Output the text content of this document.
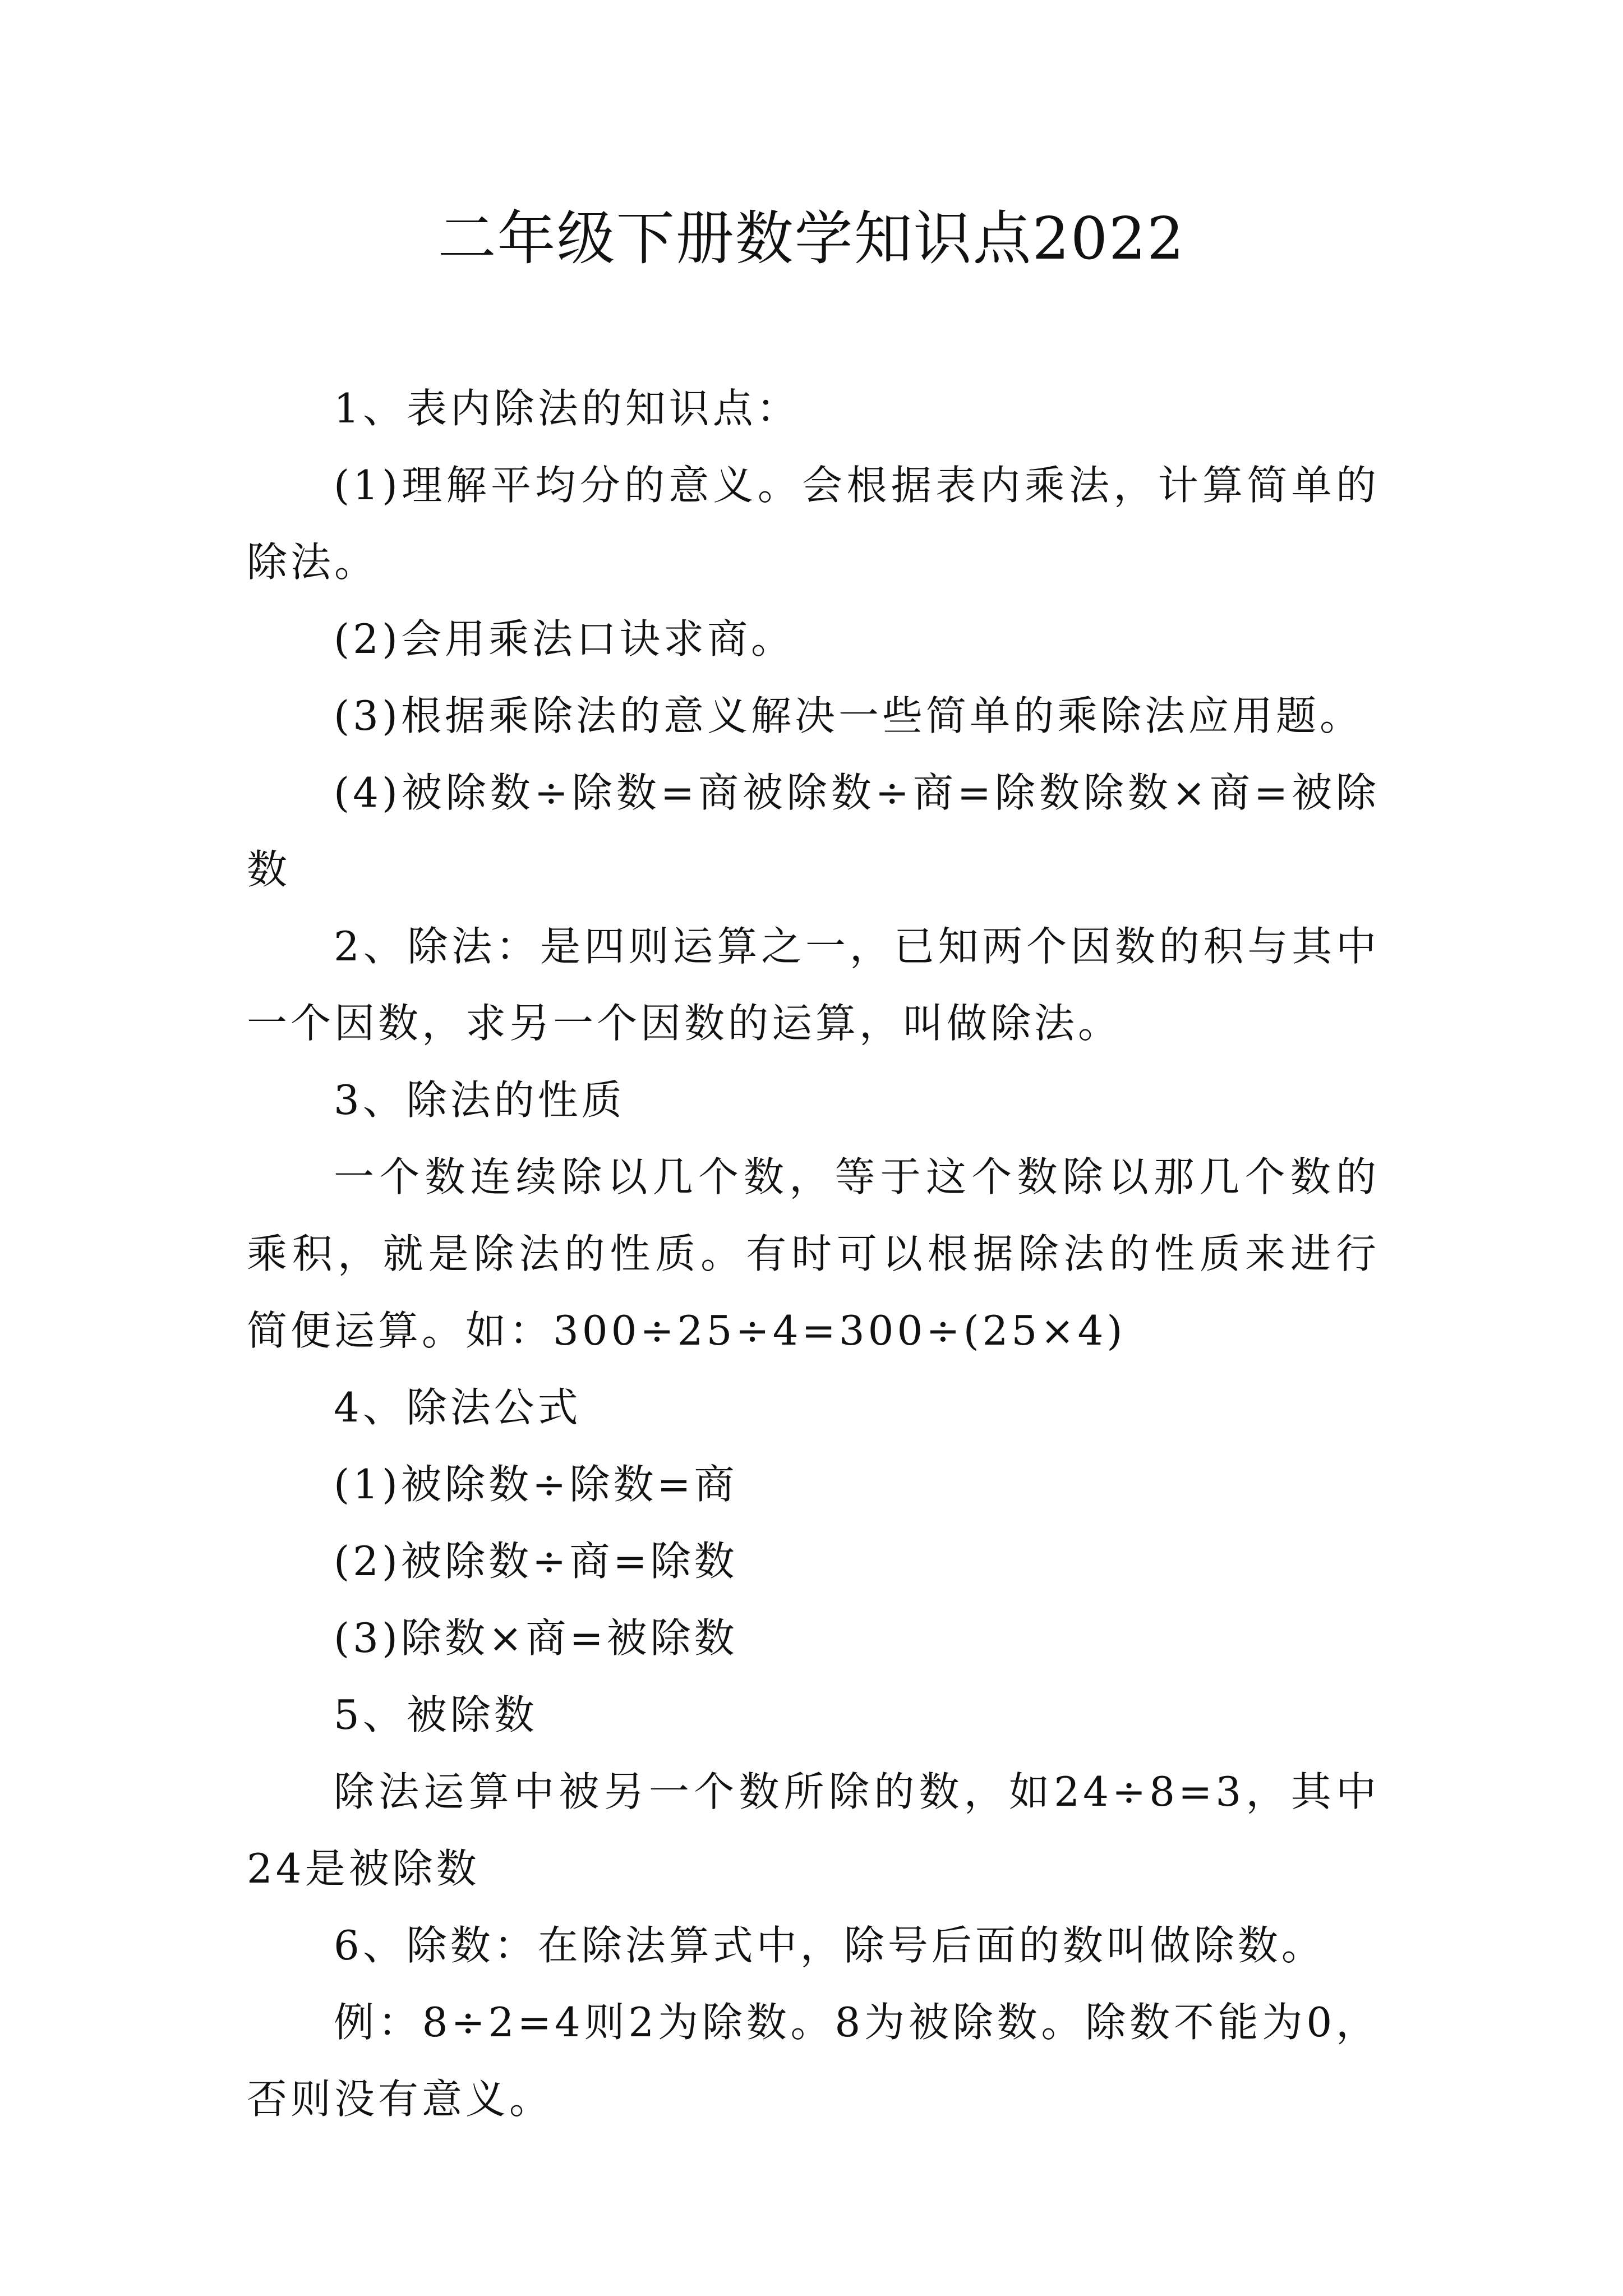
二年级下册数学知识点2022

1、表内除法的知识点：

(1)理解平均分的意义。会根据表内乘法，计算简单的除法。

(2)会用乘法口诀求商。

(3)根据乘除法的意义解决一些简单的乘除法应用题。

(4)被除数÷除数=商被除数÷商=除数除数×商=被除数

2、除法：是四则运算之一，已知两个因数的积与其中一个因数，求另一个因数的运算，叫做除法。

3、除法的性质

一个数连续除以几个数，等于这个数除以那几个数的乘积，就是除法的性质。有时可以根据除法的性质来进行简便运算。如：300÷25÷4=300÷(25×4)

4、除法公式

(1)被除数÷除数=商

(2)被除数÷商=除数

(3)除数×商=被除数

5、被除数

除法运算中被另一个数所除的数，如24÷8=3，其中24是被除数

6、除数：在除法算式中，除号后面的数叫做除数。

例：8÷2=4则2为除数。8为被除数。除数不能为0，否则没有意义。
